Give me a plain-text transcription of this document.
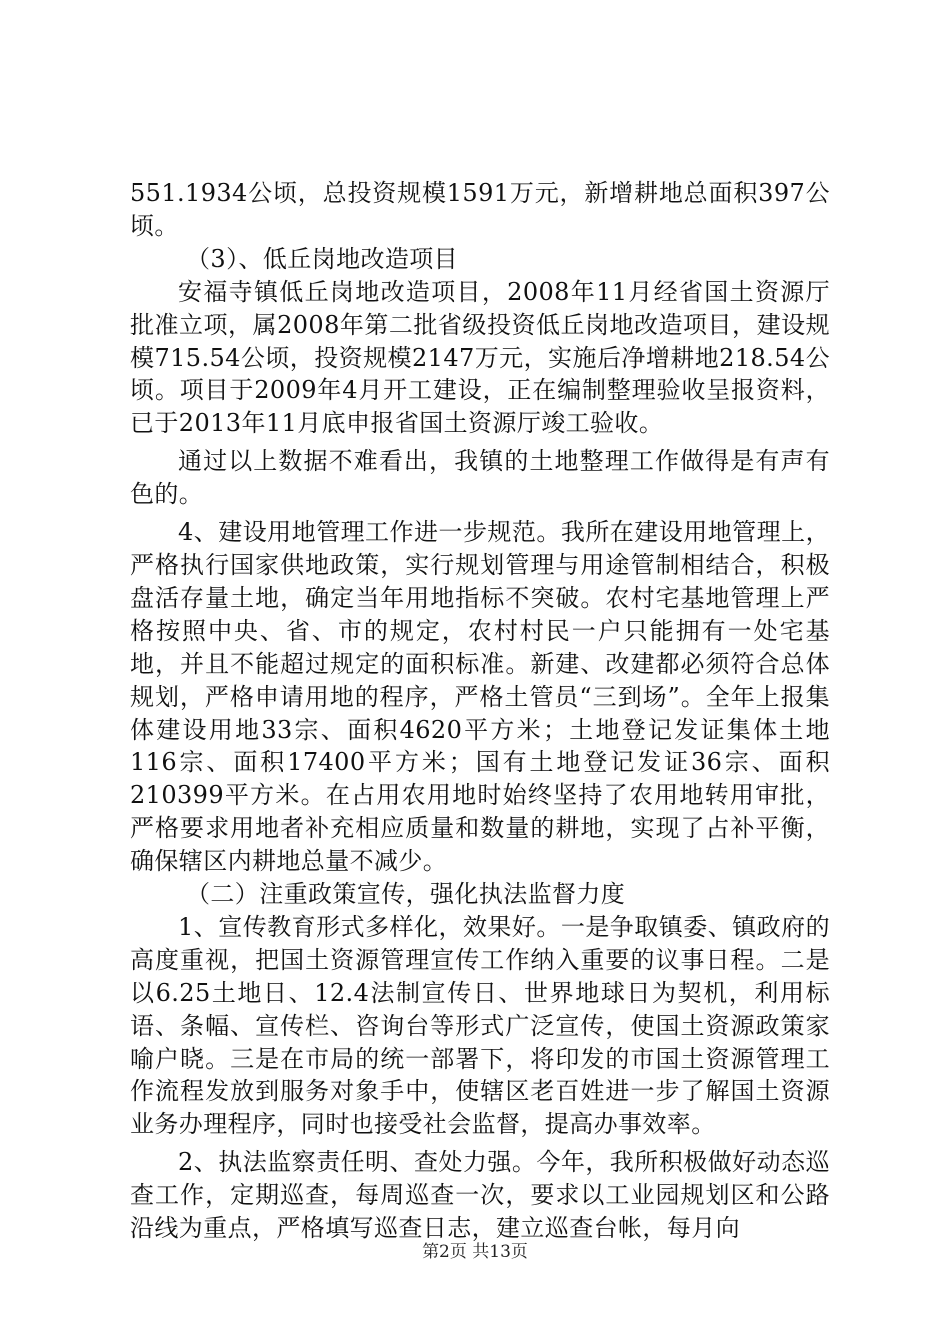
551.1934公顷，总投资规模1591万元，新增耕地总面积397公顷。

（3）、低丘岗地改造项目

安福寺镇低丘岗地改造项目，2008年11月经省国土资源厅批准立项，属2008年第二批省级投资低丘岗地改造项目，建设规模715.54公顷，投资规模2147万元，实施后净增耕地218.54公顷。项目于2009年4月开工建设，正在编制整理验收呈报资料，已于2013年11月底申报省国土资源厅竣工验收。

通过以上数据不难看出，我镇的土地整理工作做得是有声有色的。

4、建设用地管理工作进一步规范。我所在建设用地管理上，严格执行国家供地政策，实行规划管理与用途管制相结合，积极盘活存量土地，确定当年用地指标不突破。农村宅基地管理上严格按照中央、省、市的规定，农村村民一户只能拥有一处宅基地，并且不能超过规定的面积标准。新建、改建都必须符合总体规划，严格申请用地的程序，严格土管员“三到场”。全年上报集体建设用地33宗、面积4620平方米；土地登记发证集体土地116宗、面积17400平方米；国有土地登记发证36宗、面积210399平方米。在占用农用地时始终坚持了农用地转用审批，严格要求用地者补充相应质量和数量的耕地，实现了占补平衡，确保辖区内耕地总量不减少。

（二）注重政策宣传，强化执法监督力度

1、宣传教育形式多样化，效果好。一是争取镇委、镇政府的高度重视，把国土资源管理宣传工作纳入重要的议事日程。二是以6.25土地日、12.4法制宣传日、世界地球日为契机，利用标语、条幅、宣传栏、咨询台等形式广泛宣传，使国土资源政策家喻户晓。三是在市局的统一部署下，将印发的市国土资源管理工作流程发放到服务对象手中，使辖区老百姓进一步了解国土资源业务办理程序，同时也接受社会监督，提高办事效率。

2、执法监察责任明、查处力强。今年，我所积极做好动态巡查工作，定期巡查，每周巡查一次，要求以工业园规划区和公路沿线为重点，严格填写巡查日志，建立巡查台帐，每月向

第2页 共13页
